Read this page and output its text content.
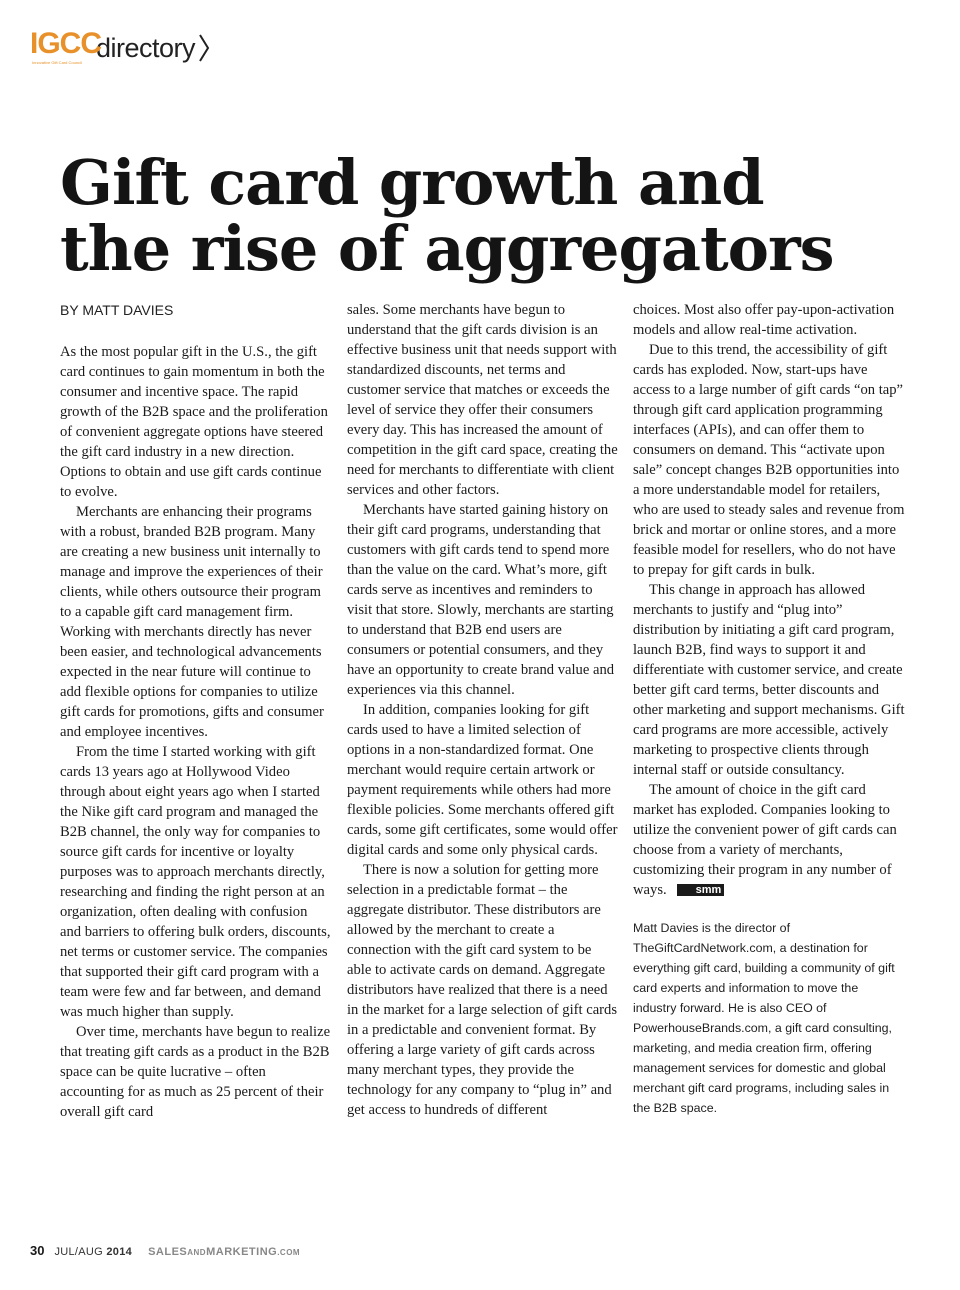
IGCC
Innovative Gift Card Council directory
Gift card growth and
the rise of aggregators
BY MATT DAVIES

As the most popular gift in the U.S., the gift card continues to gain momentum in both the consumer and incentive space. The rapid growth of the B2B space and the proliferation of convenient aggregate options have steered the gift card industry in a new direction. Options to obtain and use gift cards continue to evolve.

Merchants are enhancing their programs with a robust, branded B2B program. Many are creating a new business unit internally to manage and improve the experiences of their clients, while others outsource their program to a capable gift card management firm. Working with merchants directly has never been easier, and technological advancements expected in the near future will continue to add flexible options for companies to utilize gift cards for promotions, gifts and consumer and employee incentives.

From the time I started working with gift cards 13 years ago at Hollywood Video through about eight years ago when I started the Nike gift card program and managed the B2B channel, the only way for companies to source gift cards for incentive or loyalty purposes was to approach merchants directly, researching and finding the right person at an organization, often dealing with confusion and barriers to offering bulk orders, discounts, net terms or customer service. The companies that supported their gift card program with a team were few and far between, and demand was much higher than supply.

Over time, merchants have begun to realize that treating gift cards as a product in the B2B space can be quite lucrative – often accounting for as much as 25 percent of their overall gift card

sales. Some merchants have begun to understand that the gift cards division is an effective business unit that needs support with standardized discounts, net terms and customer service that matches or exceeds the level of service they offer their consumers every day. This has increased the amount of competition in the gift card space, creating the need for merchants to differentiate with client services and other factors.

Merchants have started gaining history on their gift card programs, understanding that customers with gift cards tend to spend more than the value on the card. What’s more, gift cards serve as incentives and reminders to visit that store. Slowly, merchants are starting to understand that B2B end users are consumers or potential consumers, and they have an opportunity to create brand value and experiences via this channel.

In addition, companies looking for gift cards used to have a limited selection of options in a non-standardized format. One merchant would require certain artwork or payment requirements while others had more flexible policies. Some merchants offered gift cards, some gift certificates, some would offer digital cards and some only physical cards.

There is now a solution for getting more selection in a predictable format – the aggregate distributor. These distributors are allowed by the merchant to create a connection with the gift card system to be able to activate cards on demand. Aggregate distributors have realized that there is a need in the market for a large selection of gift cards in a predictable and convenient format. By offering a large variety of gift cards across many merchant types, they provide the technology for any company to “plug in” and get access to hundreds of different

choices. Most also offer pay-upon-activation models and allow real-time activation.

Due to this trend, the accessibility of gift cards has exploded. Now, start-ups have access to a large number of gift cards “on tap” through gift card application programming interfaces (APIs), and can offer them to consumers on demand. This “activate upon sale” concept changes B2B opportunities into a more understandable model for retailers, who are used to steady sales and revenue from brick and mortar or online stores, and a more feasible model for resellers, who do not have to prepay for gift cards in bulk.

This change in approach has allowed merchants to justify and “plug into” distribution by initiating a gift card program, launch B2B, find ways to support it and differentiate with customer service, and create better gift card terms, better discounts and other marketing and support mechanisms. Gift card programs are more accessible, actively marketing to prospective clients through internal staff or outside consultancy.

The amount of choice in the gift card market has exploded. Companies looking to utilize the convenient power of gift cards can choose from a variety of merchants, customizing their program in any number of ways.	smm

Matt Davies is the director of TheGiftCardNetwork.com, a destination for everything gift card, building a community of gift card experts and information to move the industry forward. He is also CEO of PowerhouseBrands.com, a gift card consulting, marketing, and media creation firm, offering management services for domestic and global merchant gift card programs, including sales in the B2B space.
30 JUL/AUG 2014 SALESANDMARKETING.COM
